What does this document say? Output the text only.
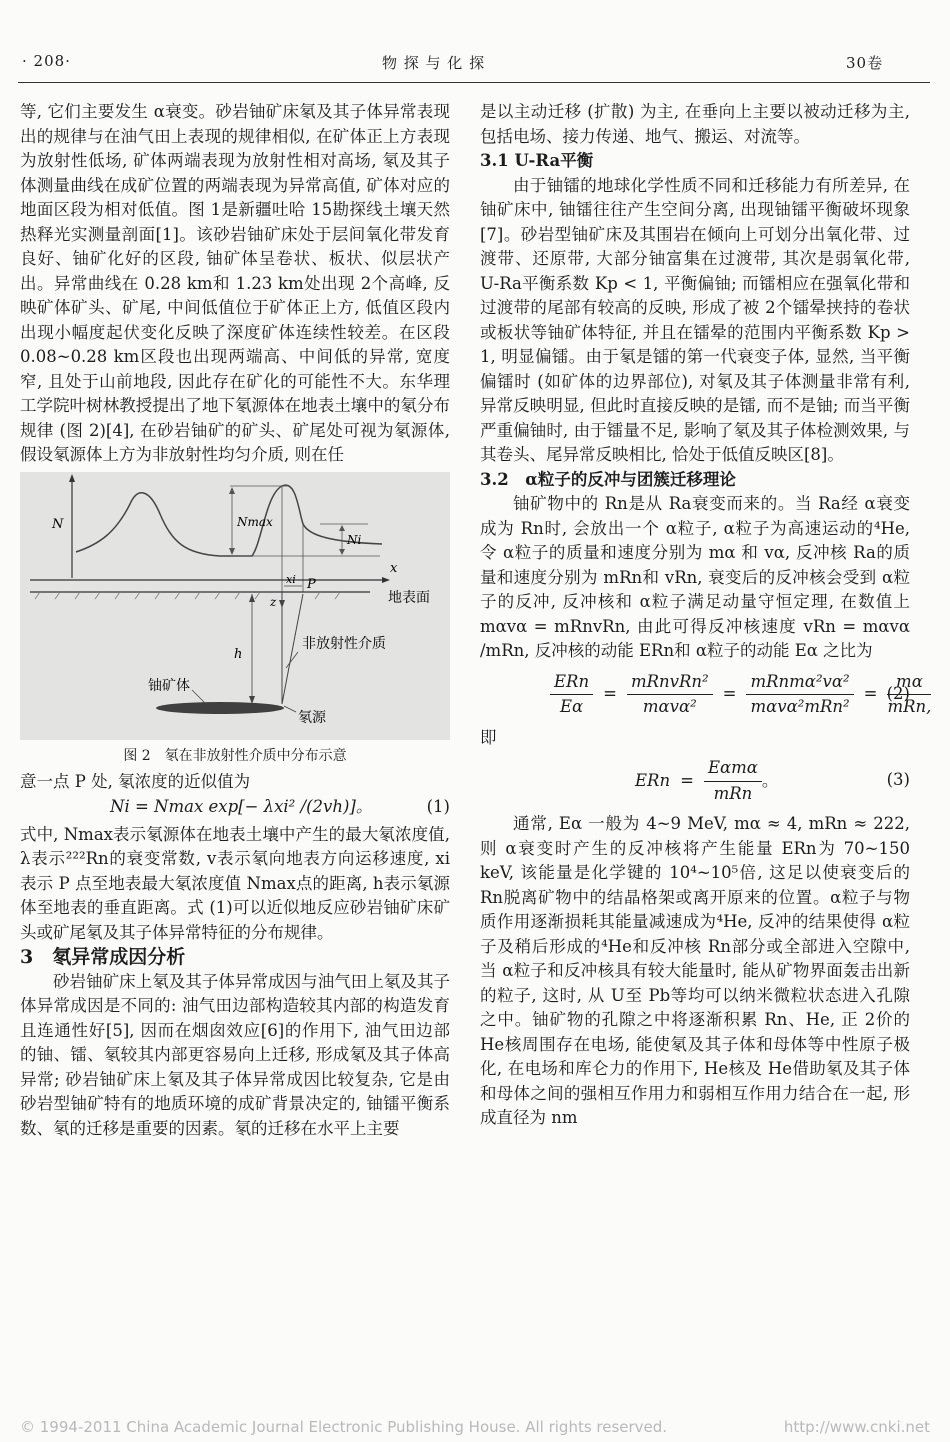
· 208·	物 探 与 化 探	30卷

等, 它们主要发生 α衰变。砂岩铀矿床氡及其子体异常表现出的规律与在油气田上表现的规律相似, 在矿体正上方表现为放射性低场, 矿体两端表现为放射性相对高场, 氡及其子体测量曲线在成矿位置的两端表现为异常高值, 矿体对应的地面区段为相对低值。图 1是新疆吐哈 15勘探线土壤天然热释光实测量剖面[1]。该砂岩铀矿床处于层间氧化带发育良好、铀矿化好的区段, 铀矿体呈卷状、板状、似层状产出。异常曲线在 0.28 km和 1.23 km处出现 2个高峰, 反映矿体矿头、矿尾, 中间低值位于矿体正上方, 低值区段内出现小幅度起伏变化反映了深度矿体连续性较差。在区段 0.08~0.28 km区段也出现两端高、中间低的异常, 宽度窄, 且处于山前地段, 因此存在矿化的可能性不大。东华理工学院叶树林教授提出了地下氡源体在地表土壤中的氡分布规律 (图 2)[4], 在砂岩铀矿的矿头、矿尾处可视为氡源体, 假设氡源体上方为非放射性均匀介质, 则在任

N	Nmax
Ni
x
xi
z
P
h
地表面
非放射性介质
铀矿体
氡源
图 2　氡在非放射性介质中分布示意

意一点 P 处, 氡浓度的近似值为

Ni = Nmax exp[− λxi² /(2vh)]。	(1)

式中, Nmax表示氡源体在地表土壤中产生的最大氡浓度值, λ表示²²²Rn的衰变常数, v表示氡向地表方向运移速度, xi 表示 P 点至地表最大氡浓度值 Nmax点的距离, h表示氡源体至地表的垂直距离。式 (1)可以近似地反应砂岩铀矿床矿头或矿尾氡及其子体异常特征的分布规律。

3　氡异常成因分析

砂岩铀矿床上氡及其子体异常成因与油气田上氡及其子体异常成因是不同的: 油气田边部构造较其内部的构造发育且连通性好[5], 因而在烟囱效应[6]的作用下, 油气田边部的铀、镭、氡较其内部更容易向上迁移, 形成氡及其子体高异常; 砂岩铀矿床上氡及其子体异常成因比较复杂, 它是由砂岩型铀矿特有的地质环境的成矿背景决定的, 铀镭平衡系数、氡的迁移是重要的因素。氡的迁移在水平上主要

是以主动迁移 (扩散) 为主, 在垂向上主要以被动迁移为主, 包括电场、接力传递、地气、搬运、对流等。

3.1 U-Ra平衡

由于铀镭的地球化学性质不同和迁移能力有所差异, 在铀矿床中, 铀镭往往产生空间分离, 出现铀镭平衡破坏现象[7]。砂岩型铀矿床及其围岩在倾向上可划分出氧化带、过渡带、还原带, 大部分铀富集在过渡带, 其次是弱氧化带, U-Ra平衡系数 Kp < 1, 平衡偏铀; 而镭相应在强氧化带和过渡带的尾部有较高的反映, 形成了被 2个镭晕挟持的卷状或板状等铀矿体特征, 并且在镭晕的范围内平衡系数 Kp > 1, 明显偏镭。由于氡是镭的第一代衰变子体, 显然, 当平衡偏镭时 (如矿体的边界部位), 对氡及其子体测量非常有利, 异常反映明显, 但此时直接反映的是镭, 而不是铀; 而当平衡严重偏铀时, 由于镭量不足, 影响了氡及其子体检测效果, 与其卷头、尾异常反映相比, 恰处于低值反映区[8]。

3.2　α粒子的反冲与团簇迁移理论

铀矿物中的 Rn是从 Ra衰变而来的。当 Ra经 α衰变成为 Rn时, 会放出一个 α粒子, α粒子为高速运动的⁴He, 令 α粒子的质量和速度分别为 mα 和 vα, 反冲核 Ra的质量和速度分别为 mRn和 vRn, 衰变后的反冲核会受到 α粒子的反冲, 反冲核和 α粒子满足动量守恒定理, 在数值上 mαvα = mRnvRn, 由此可得反冲核速度 vRn = mαvα /mRn, 反冲核的动能 ERn和 α粒子的动能 Eα 之比为

$\frac{\text{ERn}}{E\alpha} = \frac{\text{mRnvRn²}}{\text{mαvα²}} = \frac{\text{mRnmα²vα²}}{\text{mαvα²mRn²}} = \frac{m\alpha}{\text{mRn,}}$
(2)

即

ERn = $\frac{\text{Eαmα}}{\text{mRn}}$ 。	(3)

通常, Eα 一般为 4~9 MeV, mα ≈ 4, mRn ≈ 222, 则 α衰变时产生的反冲核将产生能量 ERn为 70~150 keV, 该能量是化学键的 10⁴~10⁵倍, 这足以使衰变后的 Rn脱离矿物中的结晶格架或离开原来的位置。α粒子与物质作用逐渐损耗其能量减速成为⁴He, 反冲的结果使得 α粒子及稍后形成的⁴He和反冲核 Rn部分或全部进入空隙中, 当 α粒子和反冲核具有较大能量时, 能从矿物界面轰击出新的粒子, 这时, 从 U至 Pb等均可以纳米微粒状态进入孔隙之中。铀矿物的孔隙之中将逐渐积累 Rn、He, 正 2价的 He核周围存在电场, 能使氡及其子体和母体等中性原子极化, 在电场和库仑力的作用下, He核及 He借助氡及其子体和母体之间的强相互作用力和弱相互作用力结合在一起, 形成直径为 nm

© 1994-2011 China Academic Journal Electronic Publishing House. All rights reserved.	http://www.cnki.net
